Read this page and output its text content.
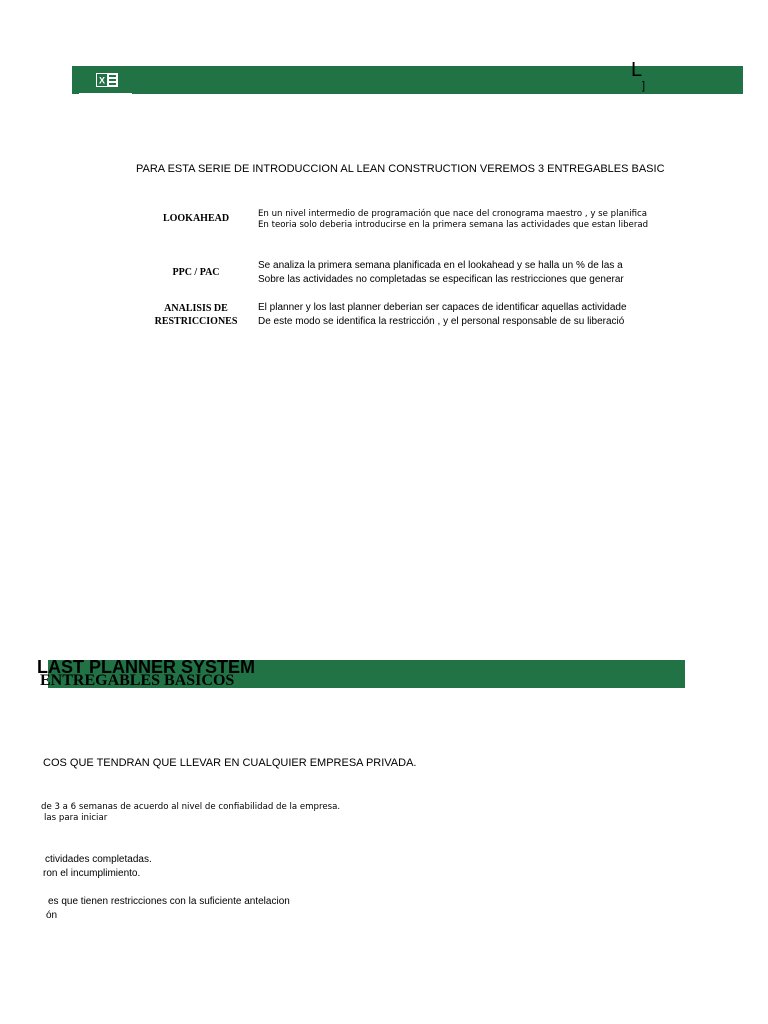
X	L
]
PARA ESTA SERIE DE INTRODUCCION AL LEAN CONSTRUCTION VEREMOS 3 ENTREGABLES BASIC
LOOKAHEAD	En un nivel intermedio de programación que nace del cronograma maestro , y se planifica
En teoria solo deberia introducirse en la primera semana las actividades que estan liberad
PPC / PAC
Se analiza la primera semana planificada en el lookahead y se halla un % de las a
Sobre las actividades no completadas se especifican las restricciones que generar
ANALISIS DE
RESTRICCIONES
El planner y los last planner deberian ser capaces de identificar aquellas actividade
De este modo se identifica la restricción , y el personal responsable de su liberació
LAST PLANNER SYSTEM
ENTREGABLES BASICOS
COS QUE TENDRAN QUE LLEVAR EN CUALQUIER EMPRESA PRIVADA.
de 3 a 6 semanas de acuerdo al nivel de confiabilidad de la empresa.
las para iniciar
ctividades completadas.
ron el incumplimiento.
es que tienen restricciones con la suficiente antelacion
ón
